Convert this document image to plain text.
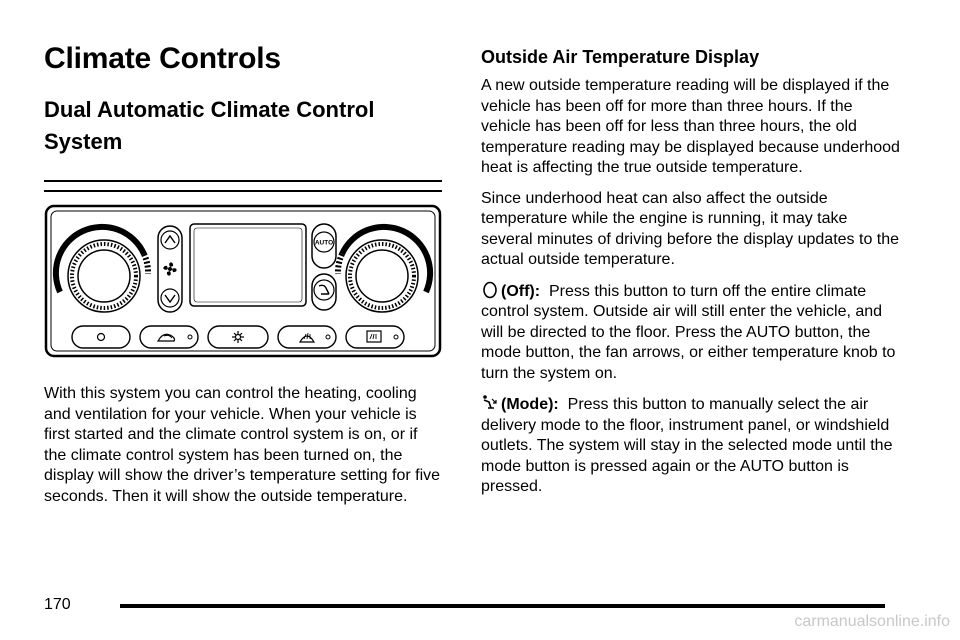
Climate Controls
Dual Automatic Climate Control System
AUTO

With this system you can control the heating, cooling and ventilation for your vehicle. When your vehicle is first started and the climate control system is on, or if the climate control system has been turned on, the display will show the driver’s temperature setting for five seconds. Then it will show the outside temperature.

Outside Air Temperature Display

A new outside temperature reading will be displayed if the vehicle has been off for more than three hours. If the vehicle has been off for less than three hours, the old temperature reading may be displayed because underhood heat is affecting the true outside temperature.

Since underhood heat can also affect the outside temperature while the engine is running, it may take several minutes of driving before the display updates to the actual outside temperature.

(Off): Press this button to turn off the entire climate control system. Outside air will still enter the vehicle, and will be directed to the floor. Press the AUTO button, the mode button, the fan arrows, or either temperature knob to turn the system on.

(Mode): Press this button to manually select the air delivery mode to the floor, instrument panel, or windshield outlets. The system will stay in the selected mode until the mode button is pressed again or the AUTO button is pressed.

170
carmanualsonline.info
